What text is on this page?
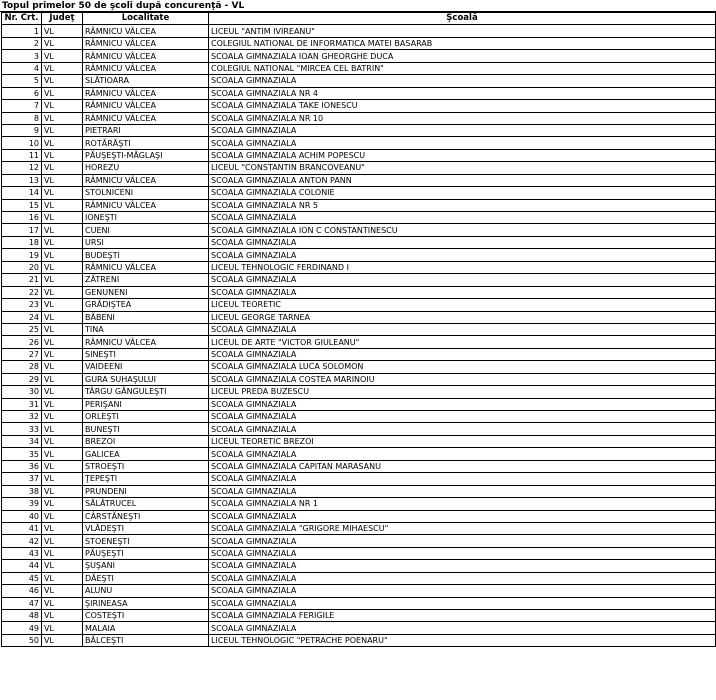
Topul primelor 50 de şcoli după concurenţă - VL
Nr. Crt.	Judeţ	Localitate	Şcoală
1	VL	RÂMNICU VÂLCEA	LICEUL "ANTIM IVIREANU"
2	VL	RÂMNICU VÂLCEA	COLEGIUL NATIONAL DE INFORMATICA MATEI BASARAB
3	VL	RÂMNICU VÂLCEA	SCOALA GIMNAZIALA IOAN GHEORGHE DUCA
4	VL	RÂMNICU VÂLCEA	COLEGIUL NATIONAL "MIRCEA CEL BATRIN"
5	VL	SLĂTIOARA	SCOALA GIMNAZIALA
6	VL	RÂMNICU VÂLCEA	SCOALA GIMNAZIALA NR 4
7	VL	RÂMNICU VÂLCEA	SCOALA GIMNAZIALA TAKE IONESCU
8	VL	RÂMNICU VÂLCEA	SCOALA GIMNAZIALA NR 10
9	VL	PIETRARI	SCOALA GIMNAZIALA
10	VL	ROTĂRĂŞTI	SCOALA GIMNAZIALA
11	VL	PĂUŞEŞTI-MĂGLAŞI	SCOALA GIMNAZIALA ACHIM POPESCU
12	VL	HOREZU	LICEUL "CONSTANTIN BRANCOVEANU"
13	VL	RÂMNICU VÂLCEA	SCOALA GIMNAZIALA ANTON PANN
14	VL	STOLNICENI	SCOALA GIMNAZIALA COLONIE
15	VL	RÂMNICU VÂLCEA	SCOALA GIMNAZIALA NR 5
16	VL	IONEŞTI	SCOALA GIMNAZIALA
17	VL	CUENI	SCOALA GIMNAZIALA ION C CONSTANTINESCU
18	VL	URSI	SCOALA GIMNAZIALA
19	VL	BUDEŞTI	SCOALA GIMNAZIALA
20	VL	RÂMNICU VÂLCEA	LICEUL TEHNOLOGIC FERDINAND I
21	VL	ZĂTRENI	SCOALA GIMNAZIALA
22	VL	GENUNENI	SCOALA GIMNAZIALA
23	VL	GRĂDIŞTEA	LICEUL TEORETIC
24	VL	BĂBENI	LICEUL GEORGE TARNEA
25	VL	TINA	SCOALA GIMNAZIALA
26	VL	RÂMNICU VÂLCEA	LICEUL DE ARTE "VICTOR GIULEANU"
27	VL	SINEŞTI	SCOALA GIMNAZIALA
28	VL	VAIDEENI	SCOALA GIMNAZIALA LUCA SOLOMON
29	VL	GURA SUHAŞULUI	SCOALA GIMNAZIALA COSTEA MARINOIU
30	VL	TÂRGU GĂNGULEŞTI	LICEUL PREDA BUZESCU
31	VL	PERIŞANI	SCOALA GIMNAZIALA
32	VL	ORLEŞTI	SCOALA GIMNAZIALA
33	VL	BUNEŞTI	SCOALA GIMNAZIALA
34	VL	BREZOI	LICEUL TEORETIC BREZOI
35	VL	GALICEA	SCOALA GIMNAZIALA
36	VL	STROEŞTI	SCOALA GIMNAZIALA CAPITAN MARASANU
37	VL	ŢEPEŞTI	SCOALA GIMNAZIALA
38	VL	PRUNDENI	SCOALA GIMNAZIALA
39	VL	SĂLĂTRUCEL	SCOALA GIMNAZIALA NR 1
40	VL	CÂRSTĂNEŞTI	SCOALA GIMNAZIALA
41	VL	VLĂDEŞTI	SCOALA GIMNAZIALA "GRIGORE MIHAESCU"
42	VL	STOENEŞTI	SCOALA GIMNAZIALA
43	VL	PĂUŞEŞTI	SCOALA GIMNAZIALA
44	VL	ŞUŞANI	SCOALA GIMNAZIALA
45	VL	DĂEŞTI	SCOALA GIMNAZIALA
46	VL	ALUNU	SCOALA GIMNAZIALA
47	VL	ŞIRINEASA	SCOALA GIMNAZIALA
48	VL	COSTEŞTI	SCOALA GIMNAZIALA FERIGILE
49	VL	MALAIA	SCOALA GIMNAZIALA
50	VL	BĂLCEŞTI	LICEUL TEHNOLOGIC "PETRACHE POENARU"
